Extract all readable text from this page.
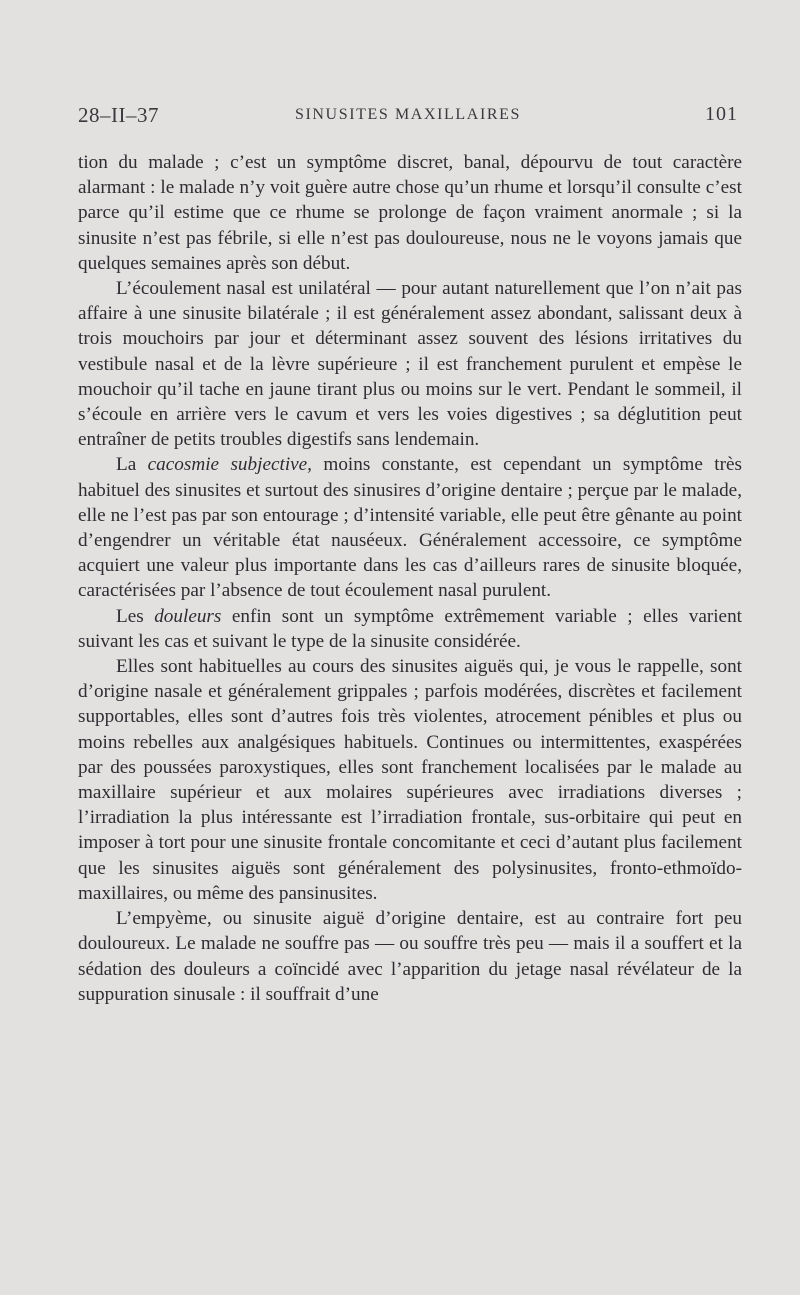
28–II–37	SINUSITES MAXILLAIRES	101

tion du malade ; c’est un symptôme discret, banal, dépourvu de tout caractère alarmant : le malade n’y voit guère autre chose qu’un rhume et lorsqu’il consulte c’est parce qu’il estime que ce rhume se prolonge de façon vraiment anormale ; si la sinusite n’est pas fébrile, si elle n’est pas douloureuse, nous ne le voyons jamais que quelques semaines après son début.

L’écoulement nasal est unilatéral — pour autant naturellement que l’on n’ait pas affaire à une sinusite bilatérale ; il est généralement assez abondant, salissant deux à trois mouchoirs par jour et déterminant assez souvent des lésions irritatives du vestibule nasal et de la lèvre supérieure ; il est franchement purulent et empèse le mouchoir qu’il tache en jaune tirant plus ou moins sur le vert. Pendant le sommeil, il s’écoule en arrière vers le cavum et vers les voies digestives ; sa déglutition peut entraîner de petits troubles digestifs sans lendemain.

La cacosmie subjective, moins constante, est cependant un symptôme très habituel des sinusites et surtout des sinusires d’origine dentaire ; perçue par le malade, elle ne l’est pas par son entourage ; d’intensité variable, elle peut être gênante au point d’engendrer un véritable état nauséeux. Généralement accessoire, ce symptôme acquiert une valeur plus importante dans les cas d’ailleurs rares de sinusite bloquée, caractérisées par l’absence de tout écoulement nasal purulent.

Les douleurs enfin sont un symptôme extrêmement variable ; elles varient suivant les cas et suivant le type de la sinusite considérée.

Elles sont habituelles au cours des sinusites aiguës qui, je vous le rappelle, sont d’origine nasale et généralement grippales ; parfois modérées, discrètes et facilement supportables, elles sont d’autres fois très violentes, atrocement pénibles et plus ou moins rebelles aux analgésiques habituels. Continues ou intermittentes, exaspérées par des poussées paroxystiques, elles sont franchement localisées par le malade au maxillaire supérieur et aux molaires supérieures avec irradiations diverses ; l’irradiation la plus intéressante est l’irradiation frontale, sus-orbitaire qui peut en imposer à tort pour une sinusite frontale concomitante et ceci d’autant plus facilement que les sinusites aiguës sont généralement des polysinusites, fronto-ethmoïdo-maxillaires, ou même des pansinusites.

L’empyème, ou sinusite aiguë d’origine dentaire, est au contraire fort peu douloureux. Le malade ne souffre pas — ou souffre très peu — mais il a souffert et la sédation des douleurs a coïncidé avec l’apparition du jetage nasal révélateur de la suppuration sinusale : il souffrait d’une
